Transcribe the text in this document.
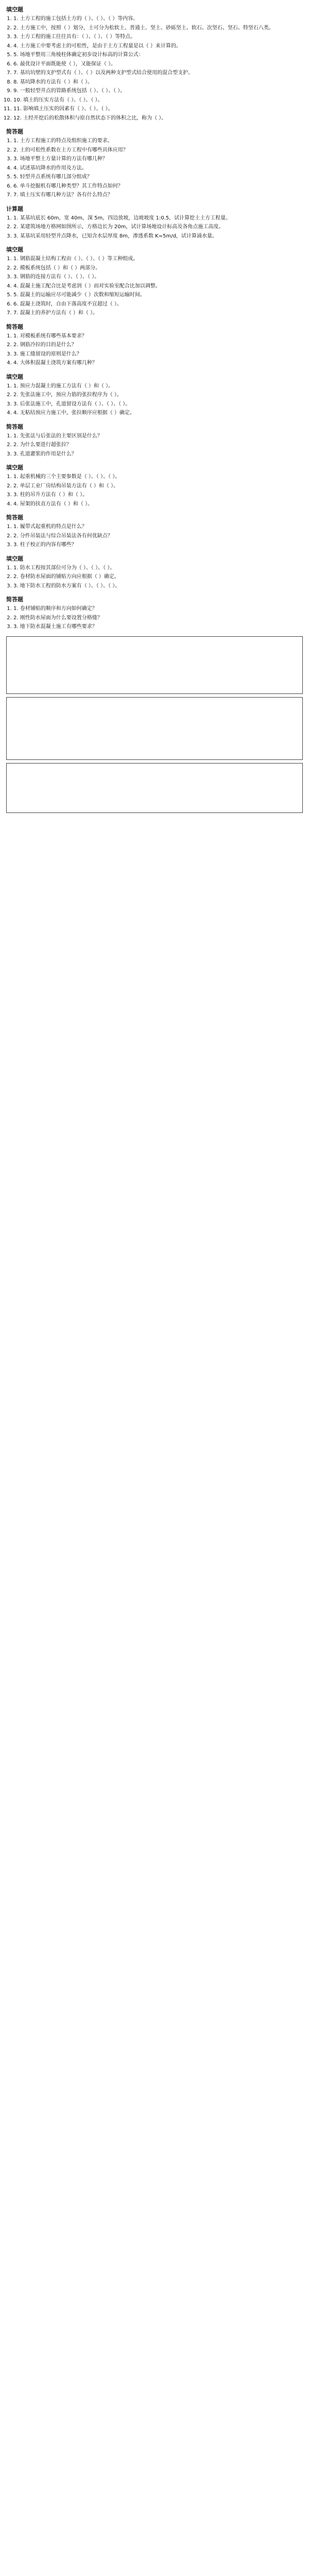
填空题
1. 1. 土方工程的施工包括土方的（ ）、（ ）、（ ）等内容。
2. 2. 土方施工中，按照（ ）划分，土可分为松软土、普通土、坚土、砂砾坚土、软石、次坚石、坚石、特坚石八类。
3. 3. 土方工程的施工往往具有：（ ）、（ ）、（ ）等特点。
4. 4. 土方施工中要考虑土的可松性，是由于土方工程量是以（ ）来计算的。
5. 5. 场地平整用三角棱柱体确定初步设计标高的计算公式：
6. 6. 最优设计平面既能使（ ），又能保证（ ）。
7. 7. 基坑坑壁的支护型式有（ ）、（ ）以及两种支护型式结合使用的混合型支护。
8. 8. 基坑降水的方法有（ ）和（ ）。
9. 9. 一般轻型井点的管路系统包括（ ）、（ ）、（ ）。
10. 10. 填土的压实方法有（ ）、（ ）、（ ）。
11. 11. 影响填土压实的因素有（ ）、（ ）、（ ）。
12. 12. 土经开挖后的松散体积与原自然状态下的体积之比，称为（ ）。
简答题
1. 1. 土方工程施工的特点及组织施工的要求。
2. 2. 土的可松性系数在土方工程中有哪些具体应用？
3. 3. 场地平整土方量计算的方法有哪几种？
4. 4. 试述基坑降水的作用及方法。
5. 5. 轻型井点系统有哪几部分组成？
6. 6. 单斗挖掘机有哪几种类型？其工作特点如何？
7. 7. 填土压实有哪几种方法？各有什么特点？
计算题
1. 1. 某基坑底长 60m，宽 40m，深 5m，四边放坡，边坡坡度 1:0.5，试计算挖土土方工程量。
2. 2. 某建筑场地方格网如图所示，方格边长为 20m，试计算场地设计标高及各角点施工高度。
3. 3. 某基坑采用轻型井点降水，已知含水层厚度 8m，渗透系数 K=5m/d，试计算涌水量。
填空题
1. 1. 钢筋混凝土结构工程由（ ）、（ ）、（ ）等工种组成。
2. 2. 模板系统包括（ ）和（ ）两部分。
3. 3. 钢筋的连接方法有（ ）、（ ）、（ ）。
4. 4. 混凝土施工配合比是考虑到（ ）而对实验室配合比加以调整。
5. 5. 混凝土的运输应尽可能减少（ ）次数和缩短运输时间。
6. 6. 混凝土浇筑时，自由下落高度不宜超过（ ）。
7. 7. 混凝土的养护方法有（ ）和（ ）。
简答题
1. 1. 对模板系统有哪些基本要求？
2. 2. 钢筋冷拉的目的是什么？
3. 3. 施工缝留设的原则是什么？
4. 4. 大体积混凝土浇筑方案有哪几种？
填空题
1. 1. 预应力混凝土的施工方法有（ ）和（ ）。
2. 2. 先张法施工中，预应力筋的张拉程序为（ ）。
3. 3. 后张法施工中，孔道留设方法有（ ）、（ ）、（ ）。
4. 4. 无粘结预应力施工中，张拉顺序应根据（ ）确定。
简答题
1. 1. 先张法与后张法的主要区别是什么？
2. 2. 为什么要进行超张拉？
3. 3. 孔道灌浆的作用是什么？
填空题
1. 1. 起重机械的三个主要参数是（ ）、（ ）、（ ）。
2. 2. 单层工业厂房结构吊装方法有（ ）和（ ）。
3. 3. 柱的吊升方法有（ ）和（ ）。
4. 4. 屋架的扶直方法有（ ）和（ ）。
简答题
1. 1. 履带式起重机的特点是什么？
2. 2. 分件吊装法与综合吊装法各有何优缺点？
3. 3. 柱子校正的内容有哪些？
填空题
1. 1. 防水工程按其部位可分为（ ）、（ ）、（ ）。
2. 2. 卷材防水屋面的铺贴方向应根据（ ）确定。
3. 3. 地下防水工程的防水方案有（ ）、（ ）、（ ）。
简答题
1. 1. 卷材铺贴的顺序和方向如何确定？
2. 2. 刚性防水屋面为什么要设置分格缝？
3. 3. 地下防水混凝土施工有哪些要求？
